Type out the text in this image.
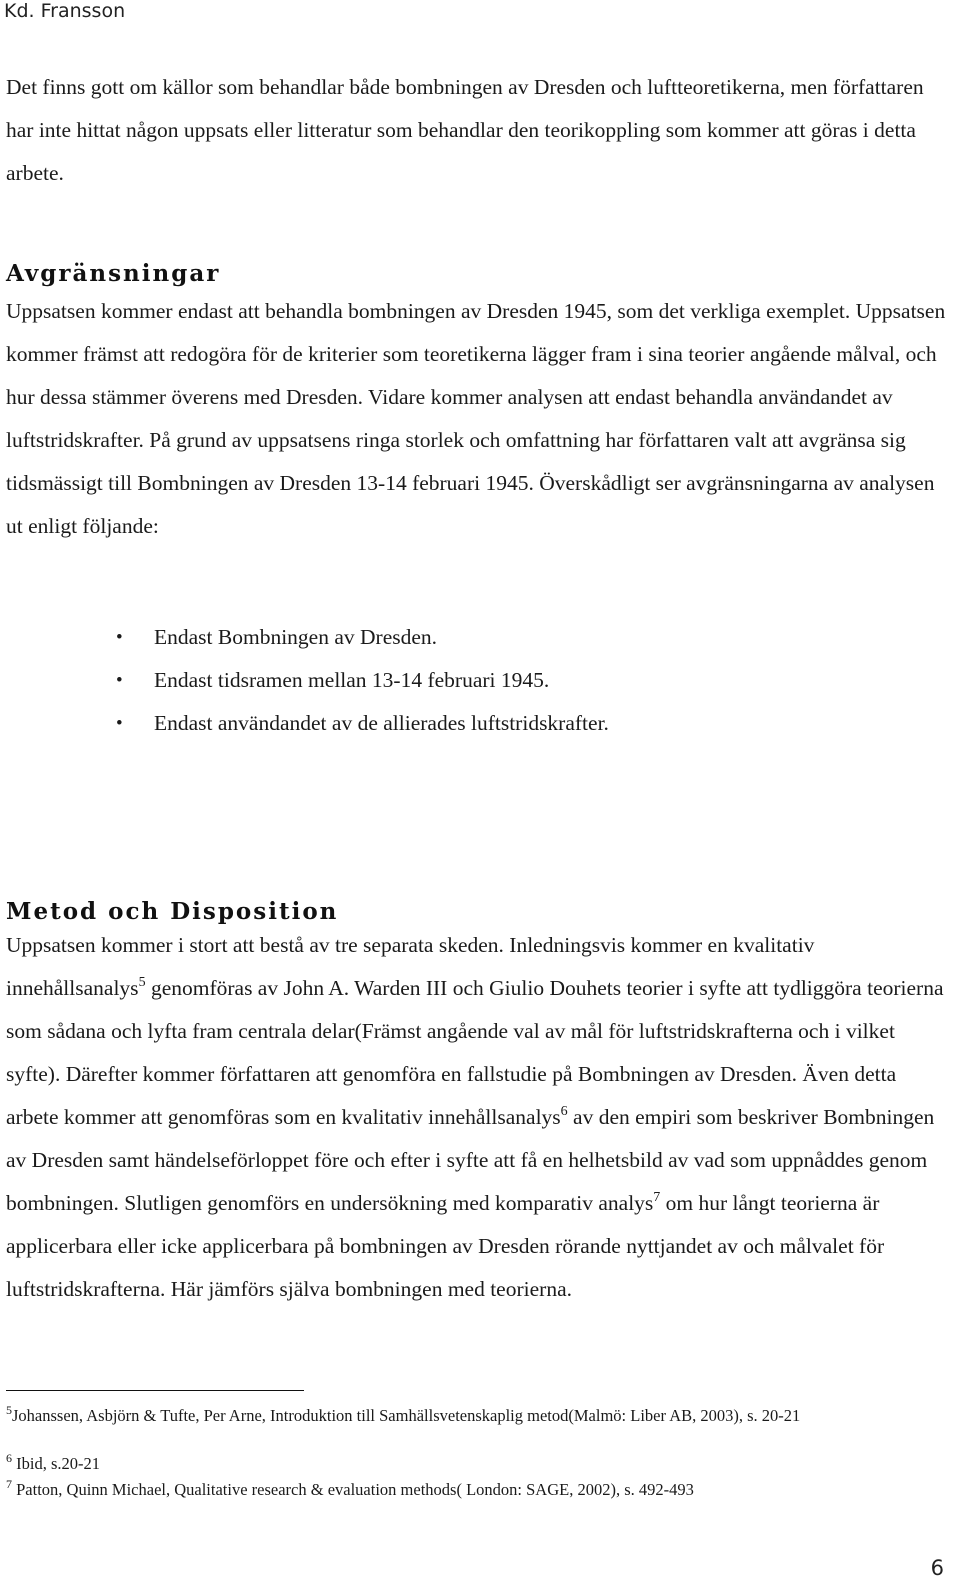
Kd. Fransson

Det finns gott om källor som behandlar både bombningen av Dresden och luftteoretikerna, men författaren har inte hittat någon uppsats eller litteratur som behandlar den teorikoppling som kommer att göras i detta arbete.

Avgränsningar

Uppsatsen kommer endast att behandla bombningen av Dresden 1945, som det verkliga exemplet. Uppsatsen kommer främst att redogöra för de kriterier som teoretikerna lägger fram i sina teorier angående målval, och hur dessa stämmer överens med Dresden. Vidare kommer analysen att endast behandla användandet av luftstridskrafter. På grund av uppsatsens ringa storlek och omfattning har författaren valt att avgränsa sig tidsmässigt till Bombningen av Dresden 13-14 februari 1945. Överskådligt ser avgränsningarna av analysen ut enligt följande:

• Endast Bombningen av Dresden.
• Endast tidsramen mellan 13-14 februari 1945.
• Endast användandet av de allierades luftstridskrafter.
Metod och Disposition

Uppsatsen kommer i stort att bestå av tre separata skeden. Inledningsvis kommer en kvalitativ innehållsanalys$^5$ genomföras av John A. Warden III och Giulio Douhets teorier i syfte att tydliggöra teorierna som sådana och lyfta fram centrala delar(Främst angående val av mål för luftstridskrafterna och i vilket syfte). Därefter kommer författaren att genomföra en fallstudie på Bombningen av Dresden. Även detta arbete kommer att genomföras som en kvalitativ innehållsanalys$^6$ av den empiri som beskriver Bombningen av Dresden samt händelseförloppet före och efter i syfte att få en helhetsbild av vad som uppnåddes genom bombningen. Slutligen genomförs en undersökning med komparativ analys$^7$ om hur långt teorierna är applicerbara eller icke applicerbara på bombningen av Dresden rörande nyttjandet av och målvalet för luftstridskrafterna. Här jämförs själva bombningen med teorierna.

$^5$Johanssen, Asbjörn & Tufte, Per Arne, Introduktion till Samhällsvetenskaplig metod(Malmö: Liber AB, 2003), s. 20-21

$^6$ Ibid, s.20-21

$^7$ Patton, Quinn Michael, Qualitative research & evaluation methods( London: SAGE, 2002), s. 492-493

6
